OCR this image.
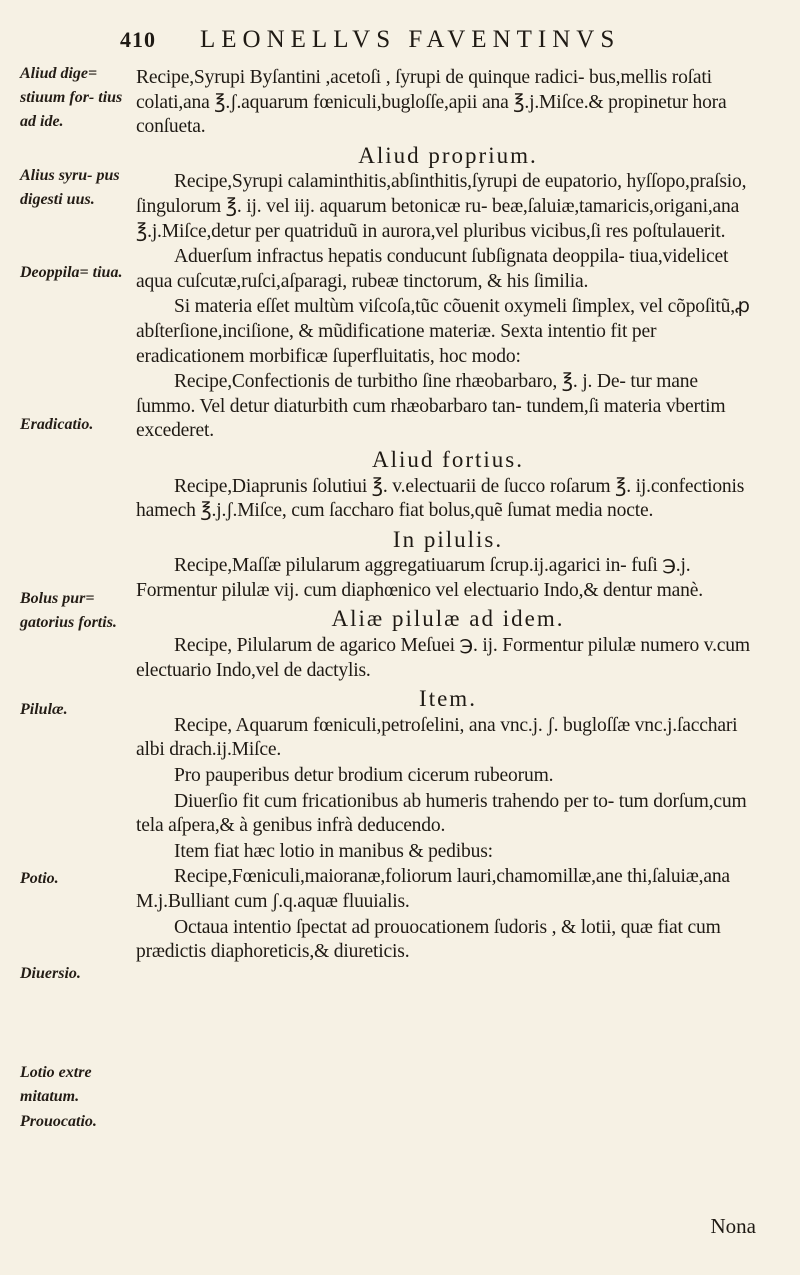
410 LEONELLVS FAVENTINVS
Aliud dige= stiuum for- tius ad ide.
Alius syru- pus digesti uus.
Deoppila= tiua.
Eradicatio.
Bolus pur= gatorius fortis.
Pilulæ.
Potio.
Diuersio.
Lotio extre mitatum.
Prouocatio.
Recipe,Syrupi Byſantini ,acetoſi , ſyrupi de quinque radici- bus,mellis roſati colati,ana ℥.ʃ.aquarum fœniculi,bugloſſe,apii ana ℥.j.Miſce.& propinetur hora conſueta.
Aliud proprium.
Recipe,Syrupi calaminthitis,abſinthitis,ſyrupi de eupatorio, hyſſopo,praſsio, ſingulorum ℥. ij. vel iij. aquarum betonicæ ru- beæ,ſaluiæ,tamaricis,origani,ana ℥.j.Miſce,detur per quatriduũ in aurora,vel pluribus vicibus,ſi res poſtulauerit.
Aduerſum infractus hepatis conducunt ſubſignata deoppila- tiua,videlicet aqua cuſcutæ,ruſci,aſparagi, rubeæ tinctorum, & his ſimilia.
Si materia eſſet multùm viſcoſa,tũc cõuenit oxymeli ſimplex, vel cõpoſitũ,ꝓ abſterſione,inciſione, & mũdificatione materiæ. Sexta intentio fit per eradicationem morbificæ ſuperfluitatis, hoc modo:
Recipe,Confectionis de turbitho ſine rhæobarbaro, ℥. j. De- tur mane ſummo. Vel detur diaturbith cum rhæobarbaro tan- tundem,ſi materia vbertim excederet.
Aliud fortius.
Recipe,Diaprunis ſolutiui ℥. v.electuarii de ſucco roſarum ℥. ij.confectionis hamech ℥.j.ʃ.Miſce, cum ſaccharo fiat bolus,quẽ ſumat media nocte.
In pilulis.
Recipe,Maſſæ pilularum aggregatiuarum ſcrup.ij.agarici in- fuſi ℈.j. Formentur pilulæ vij. cum diaphœnico vel electuario Indo,& dentur manè.
Aliæ pilulæ ad idem.
Recipe, Pilularum de agarico Meſuei ℈. ij. Formentur pilulæ numero v.cum electuario Indo,vel de dactylis.
Item.
Recipe, Aquarum fœniculi,petroſelini, ana vnc.j. ʃ. bugloſſæ vnc.j.ſacchari albi drach.ij.Miſce.
Pro pauperibus detur brodium cicerum rubeorum.
Diuerſio fit cum fricationibus ab humeris trahendo per to- tum dorſum,cum tela aſpera,& à genibus infrà deducendo.
Item fiat hæc lotio in manibus & pedibus:
Recipe,Fœniculi,maioranæ,foliorum lauri,chamomillæ,ane thi,ſaluiæ,ana M.j.Bulliant cum ʃ.q.aquæ fluuialis.
Octaua intentio ſpectat ad prouocationem ſudoris , & lotii, quæ fiat cum prædictis diaphoreticis,& diureticis.
Nona
